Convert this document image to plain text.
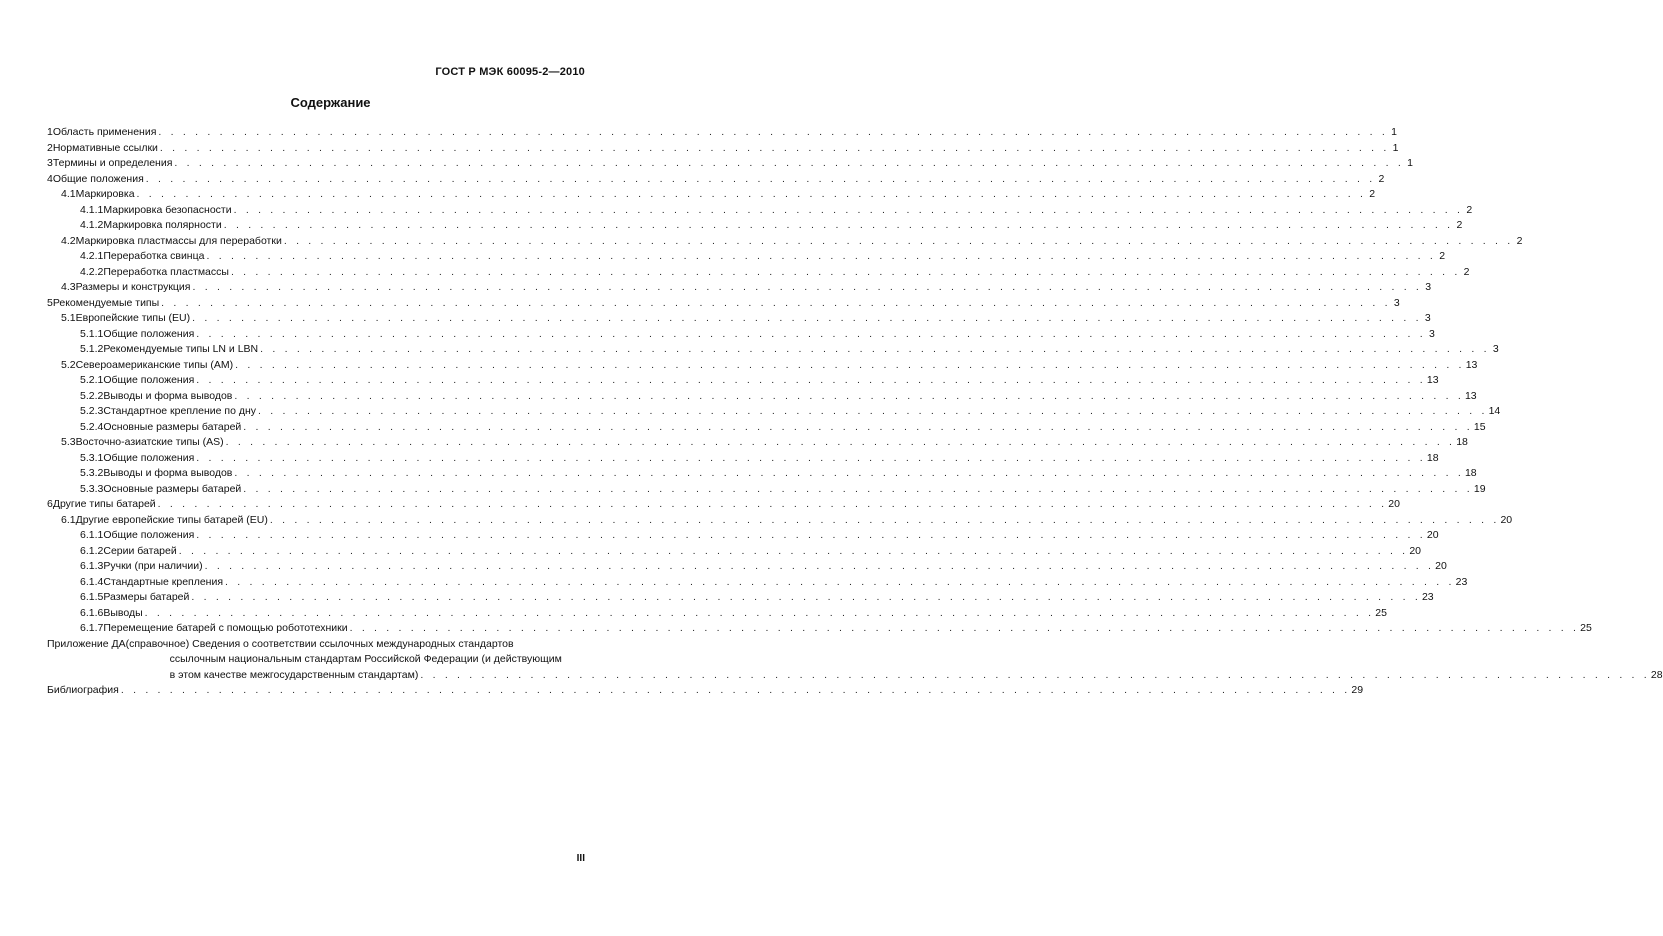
ГОСТ Р МЭК 60095-2—2010
Содержание
1 Область применения . . .	1
2 Нормативные ссылки . . .	1
3 Термины и определения . . .	1
4 Общие положения . . .	2
4.1 Маркировка . . .	2
4.1.1 Маркировка безопасности . . .	2
4.1.2 Маркировка полярности . . .	2
4.2 Маркировка пластмассы для переработки . . .	2
4.2.1 Переработка свинца . . .	2
4.2.2 Переработка пластмассы . . .	2
4.3 Размеры и конструкция . . .	3
5 Рекомендуемые типы . . .	3
5.1 Европейские типы (EU) . . .	3
5.1.1 Общие положения . . .	3
5.1.2 Рекомендуемые типы LN и LBN . . .	3
5.2 Североамериканские типы (АМ) . . .	13
5.2.1 Общие положения . . .	13
5.2.2 Выводы и форма выводов . . .	13
5.2.3 Стандартное крепление по дну . . .	14
5.2.4 Основные размеры батарей . . .	15
5.3 Восточно-азиатские типы (AS) . . .	18
5.3.1 Общие положения . . .	18
5.3.2 Выводы и форма выводов . . .	18
5.3.3 Основные размеры батарей . . .	19
6 Другие типы батарей . . .	20
6.1 Другие европейские типы батарей (EU) . . .	20
6.1.1 Общие положения . . .	20
6.1.2 Серии батарей . . .	20
6.1.3 Ручки (при наличии) . . .	20
6.1.4 Стандартные крепления . . .	23
6.1.5 Размеры батарей . . .	23
6.1.6 Выводы . . .	25
6.1.7 Перемещение батарей с помощью робототехники . . .	25
Приложение ДА (справочное) Сведения о соответствии ссылочных международных стандартов
ссылочным национальным стандартам Российской Федерации (и действующим
в этом качестве межгосударственным стандартам) . . .	28
Библиография . . .	29
III
